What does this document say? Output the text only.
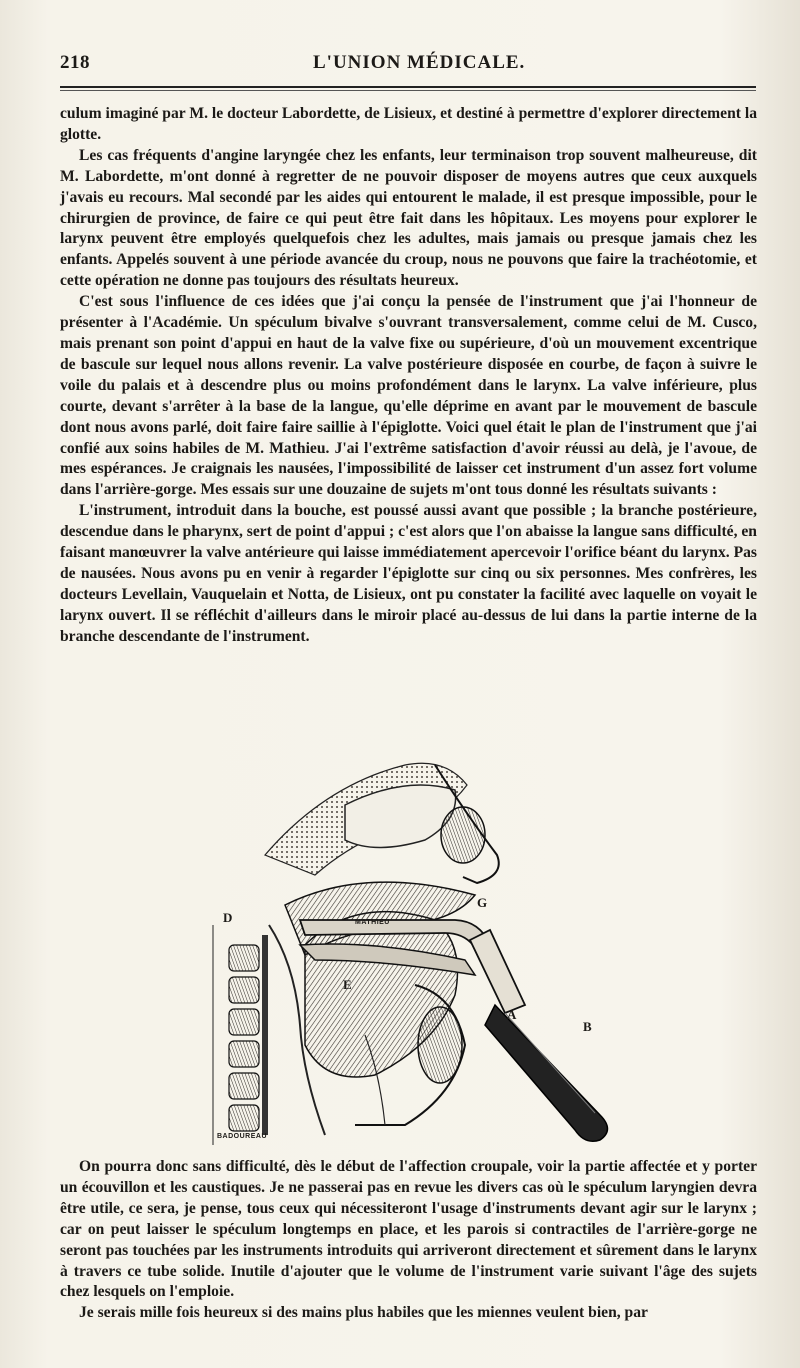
218	L'UNION MÉDICALE.

culum imaginé par M. le docteur Labordette, de Lisieux, et destiné à permettre d'explorer directement la glotte.

Les cas fréquents d'angine laryngée chez les enfants, leur terminaison trop souvent malheureuse, dit M. Labordette, m'ont donné à regretter de ne pouvoir disposer de moyens autres que ceux auxquels j'avais eu recours. Mal secondé par les aides qui entourent le malade, il est presque impossible, pour le chirurgien de province, de faire ce qui peut être fait dans les hôpitaux. Les moyens pour explorer le larynx peuvent être employés quelquefois chez les adultes, mais jamais ou presque jamais chez les enfants. Appelés souvent à une période avancée du croup, nous ne pouvons que faire la trachéotomie, et cette opération ne donne pas toujours des résultats heureux.

C'est sous l'influence de ces idées que j'ai conçu la pensée de l'instrument que j'ai l'honneur de présenter à l'Académie. Un spéculum bivalve s'ouvrant transversalement, comme celui de M. Cusco, mais prenant son point d'appui en haut de la valve fixe ou supérieure, d'où un mouvement excentrique de bascule sur lequel nous allons revenir. La valve postérieure disposée en courbe, de façon à suivre le voile du palais et à descendre plus ou moins profondément dans le larynx. La valve inférieure, plus courte, devant s'arrêter à la base de la langue, qu'elle déprime en avant par le mouvement de bascule dont nous avons parlé, doit faire faire saillie à l'épiglotte. Voici quel était le plan de l'instrument que j'ai confié aux soins habiles de M. Mathieu. J'ai l'extrême satisfaction d'avoir réussi au delà, je l'avoue, de mes espérances. Je craignais les nausées, l'impossibilité de laisser cet instrument d'un assez fort volume dans l'arrière-gorge. Mes essais sur une douzaine de sujets m'ont tous donné les résultats suivants :

L'instrument, introduit dans la bouche, est poussé aussi avant que possible ; la branche postérieure, descendue dans le pharynx, sert de point d'appui ; c'est alors que l'on abaisse la langue sans difficulté, en faisant manœuvrer la valve antérieure qui laisse immédiatement apercevoir l'orifice béant du larynx. Pas de nausées. Nous avons pu en venir à regarder l'épiglotte sur cinq ou six personnes. Mes confrères, les docteurs Levellain, Vauquelain et Notta, de Lisieux, ont pu constater la facilité avec laquelle on voyait le larynx ouvert. Il se réfléchit d'ailleurs dans le miroir placé au-dessus de lui dans la partie interne de la branche descendante de l'instrument.

D
E
G
A
B
MATHIEU
BADOUREAU

On pourra donc sans difficulté, dès le début de l'affection croupale, voir la partie affectée et y porter un écouvillon et les caustiques. Je ne passerai pas en revue les divers cas où le spéculum laryngien devra être utile, ce sera, je pense, tous ceux qui nécessiteront l'usage d'instruments devant agir sur le larynx ; car on peut laisser le spéculum longtemps en place, et les parois si contractiles de l'arrière-gorge ne seront pas touchées par les instruments introduits qui arriveront directement et sûrement dans le larynx à travers ce tube solide. Inutile d'ajouter que le volume de l'instrument varie suivant l'âge des sujets chez lesquels on l'emploie.

Je serais mille fois heureux si des mains plus habiles que les miennes veulent bien, par
